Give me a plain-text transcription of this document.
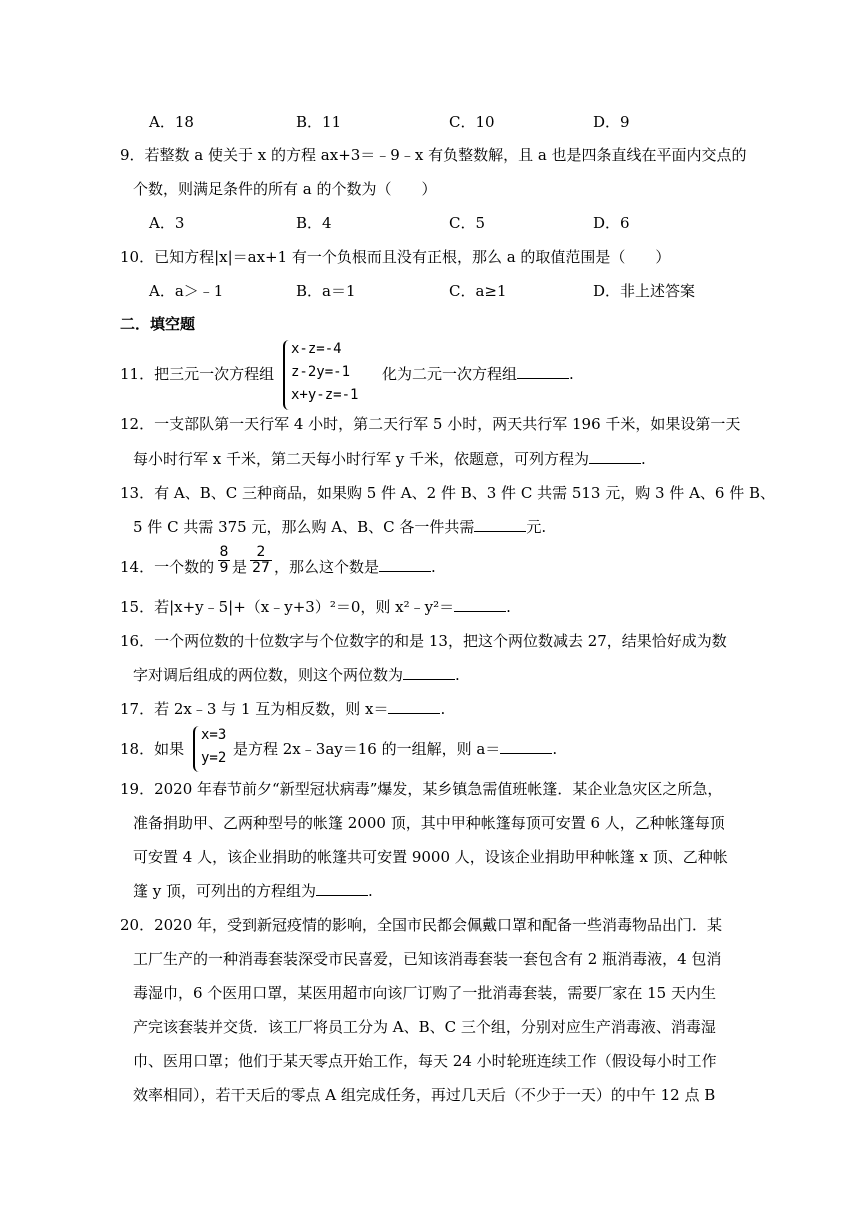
A．18	B．11	C．10	D．9
9．若整数 a 使关于 x 的方程 ax+3＝﹣9﹣x 有负整数解，且 a 也是四条直线在平面内交点的
个数，则满足条件的所有 a 的个数为（　　）
A．3	B．4	C．5	D．6
10．已知方程|x|＝ax+1 有一个负根而且没有正根，那么 a 的取值范围是（　　）
A．a＞﹣1	B．a＝1	C．a≥1	D．非上述答案
二．填空题
11．把三元一次方程组
x-z=-4
z-2y=-1
x+y-z=-1
化为二元一次方程组	.
12．一支部队第一天行军 4 小时，第二天行军 5 小时，两天共行军 196 千米，如果设第一天
每小时行军 x 千米，第二天每小时行军 y 千米，依题意，可列方程为	.
13．有 A、B、C 三种商品，如果购 5 件 A、2 件 B、3 件 C 共需 513 元，购 3 件 A、6 件 B、
5 件 C 共需 375 元，那么购 A、B、C 各一件共需	元.
14．一个数的
8
9 是
2
27 ，那么这个数是	.
15．若|x+y﹣5|+（x﹣y+3）²＝0，则 x²﹣y²＝	.
16．一个两位数的十位数字与个位数字的和是 13，把这个两位数减去 27，结果恰好成为数
字对调后组成的两位数，则这个两位数为	.
17．若 2x﹣3 与 1 互为相反数，则 x＝	.
18．如果
x=3
y=2 是方程 2x﹣3ay＝16 的一组解，则 a＝	.
19．2020 年春节前夕“新型冠状病毒”爆发，某乡镇急需值班帐篷．某企业急灾区之所急，
准备捐助甲、乙两种型号的帐篷 2000 顶，其中甲种帐篷每顶可安置 6 人，乙种帐篷每顶
可安置 4 人，该企业捐助的帐篷共可安置 9000 人，设该企业捐助甲种帐篷 x 顶、乙种帐
篷 y 顶，可列出的方程组为	.
20．2020 年，受到新冠疫情的影响，全国市民都会佩戴口罩和配备一些消毒物品出门．某
工厂生产的一种消毒套装深受市民喜爱，已知该消毒套装一套包含有 2 瓶消毒液，4 包消
毒湿巾，6 个医用口罩，某医用超市向该厂订购了一批消毒套装，需要厂家在 15 天内生
产完该套装并交货．该工厂将员工分为 A、B、C 三个组，分别对应生产消毒液、消毒湿
巾、医用口罩；他们于某天零点开始工作，每天 24 小时轮班连续工作（假设每小时工作
效率相同），若干天后的零点 A 组完成任务，再过几天后（不少于一天）的中午 12 点 B
